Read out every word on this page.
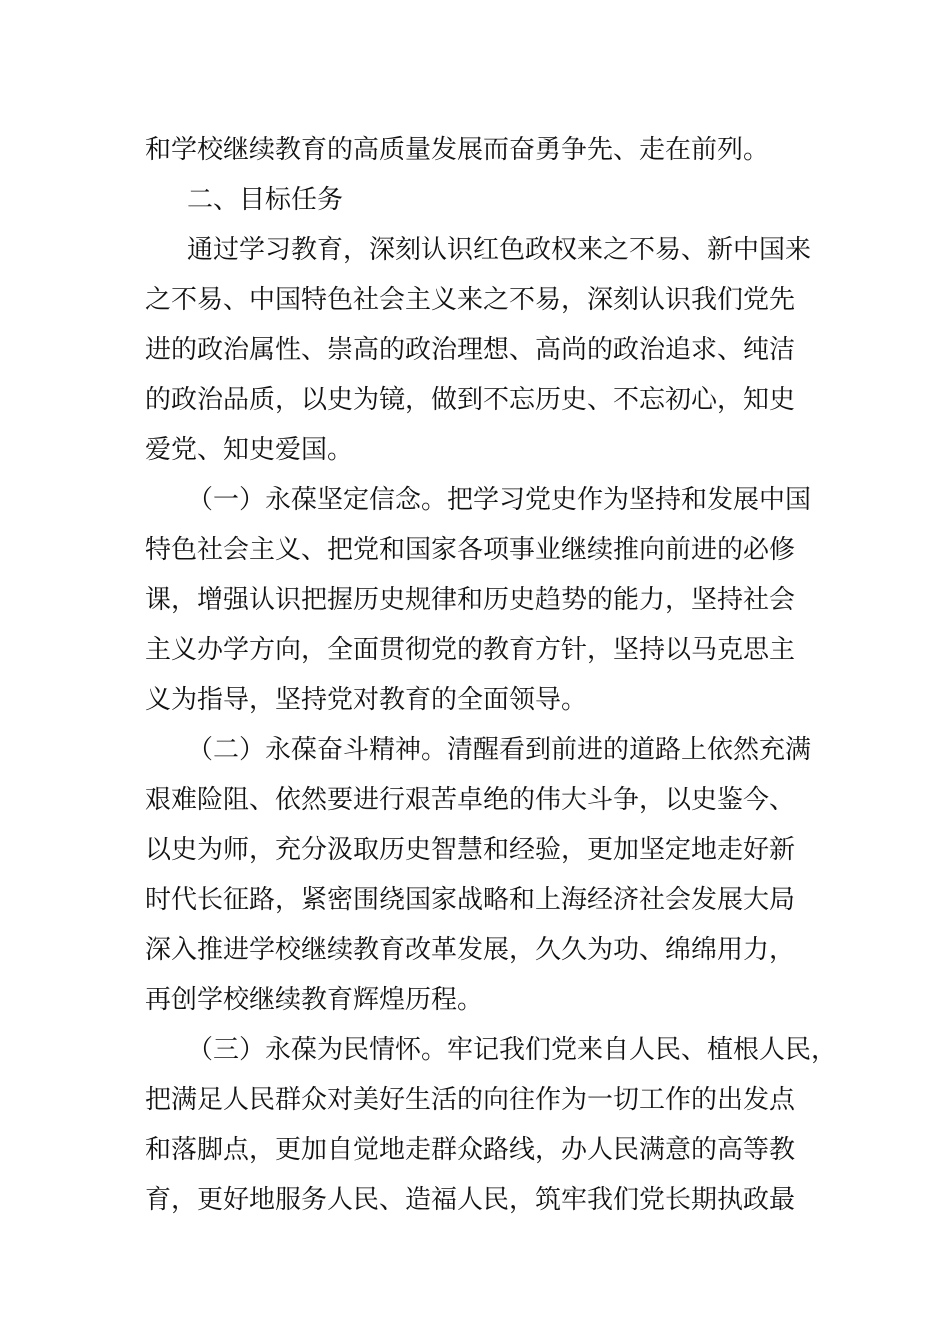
和学校继续教育的高质量发展而奋勇争先、走在前列。
二、目标任务
通过学习教育，深刻认识红色政权来之不易、新中国来
之不易、中国特色社会主义来之不易，深刻认识我们党先
进的政治属性、崇高的政治理想、高尚的政治追求、纯洁
的政治品质，以史为镜，做到不忘历史、不忘初心，知史
爱党、知史爱国。
（一）永葆坚定信念。把学习党史作为坚持和发展中国
特色社会主义、把党和国家各项事业继续推向前进的必修
课，增强认识把握历史规律和历史趋势的能力，坚持社会
主义办学方向，全面贯彻党的教育方针，坚持以马克思主
义为指导，坚持党对教育的全面领导。
（二）永葆奋斗精神。清醒看到前进的道路上依然充满
艰难险阻、依然要进行艰苦卓绝的伟大斗争，以史鉴今、
以史为师，充分汲取历史智慧和经验，更加坚定地走好新
时代长征路，紧密围绕国家战略和上海经济社会发展大局
深入推进学校继续教育改革发展，久久为功、绵绵用力，
再创学校继续教育辉煌历程。
（三）永葆为民情怀。牢记我们党来自人民、植根人民，
把满足人民群众对美好生活的向往作为一切工作的出发点
和落脚点，更加自觉地走群众路线，办人民满意的高等教
育，更好地服务人民、造福人民，筑牢我们党长期执政最
